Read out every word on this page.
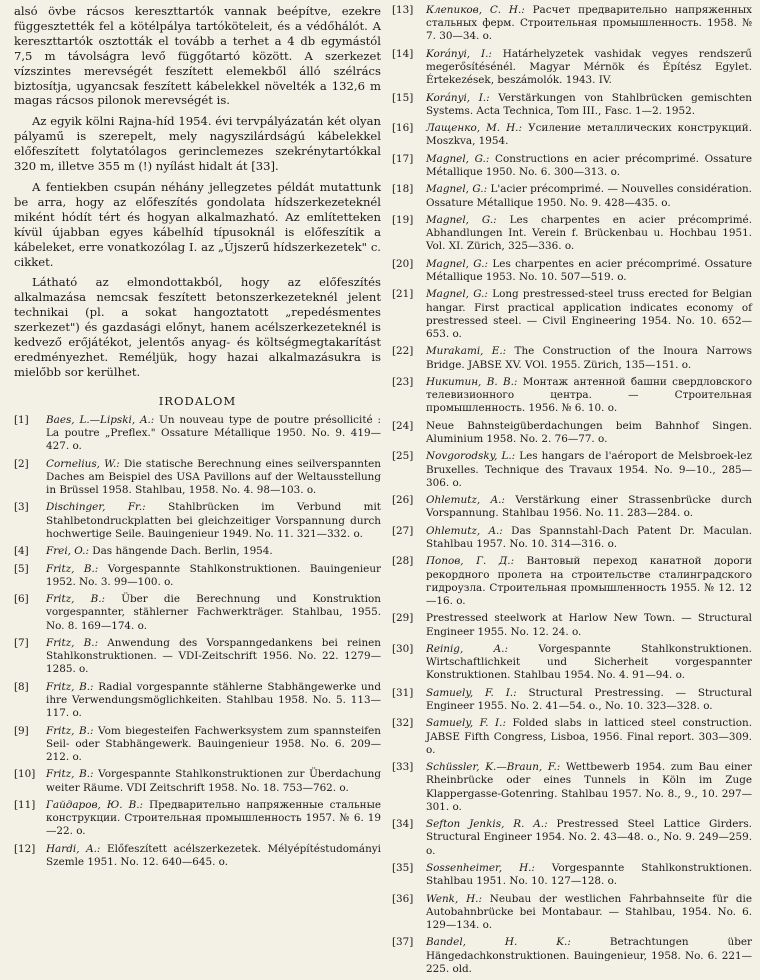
alsó övbe rácsos kereszttartók vannak beépítve, ezekre függesztették fel a kötélpálya tartóköteleit, és a védőhálót. A kereszttartók osztották el tovább a terhet a 4 db egymástól 7,5 m távolságra levő függőtartó között. A szerkezet vízszintes merevségét feszített elemekből álló szélrács biztosítja, ugyancsak feszített kábelekkel növelték a 132,6 m magas rácsos pilonok merevségét is.

Az egyik kölni Rajna-híd 1954. évi tervpályázatán két olyan pályamű is szerepelt, mely nagyszilárdságú kábelekkel előfeszített folytatólagos gerinclemezes szekrénytartókkal 320 m, illetve 355 m (!) nyílást hidalt át [33].

A fentiekben csupán néhány jellegzetes példát mutattunk be arra, hogy az előfeszítés gondolata hídszerkezeteknél miként hódít tért és hogyan alkalmazható. Az említetteken kívül újabban egyes kábelhíd típusoknál is előfeszítik a kábeleket, erre vonatkozólag I. az „Újszerű hídszerkezetek" c. cikket.

Látható az elmondottakból, hogy az előfeszítés alkalmazása nemcsak feszített betonszerkezeteknél jelent technikai (pl. a sokat hangoztatott „repedésmentes szerkezet") és gazdasági előnyt, hanem acélszerkezeteknél is kedvező erőjátékot, jelentős anyag- és költségmegtakarítást eredményezhet. Reméljük, hogy hazai alkalmazásukra is mielőbb sor kerülhet.

IRODALOM
[1]	Baes, L.—Lipski, A.: Un nouveau type de poutre présollicité : La poutre „Preflex." Ossature Métallique 1950. No. 9. 419—427. o.
[2]	Cornelius, W.: Die statische Berechnung eines seilverspannten Daches am Beispiel des USA Pavillons auf der Weltausstellung in Brüssel 1958. Stahlbau, 1958. No. 4. 98—103. o.
[3]	Dischinger, Fr.: Stahlbrücken im Verbund mit Stahlbetondruckplatten bei gleichzeitiger Vorspannung durch hochwertige Seile. Bauingenieur 1949. No. 11. 321—332. o.
[4]	Frei, O.: Das hängende Dach. Berlin, 1954.
[5]	Fritz, B.: Vorgespannte Stahlkonstruktionen. Bauingenieur 1952. No. 3. 99—100. o.
[6]	Fritz, B.: Über die Berechnung und Konstruktion vorgespannter, stählerner Fachwerkträger. Stahlbau, 1955. No. 8. 169—174. o.
[7]	Fritz, B.: Anwendung des Vorspanngedankens bei reinen Stahlkonstruktionen. — VDI-Zeitschrift 1956. No. 22. 1279—1285. o.
[8]	Fritz, B.: Radial vorgespannte stählerne Stabhängewerke und ihre Verwendungsmöglichkeiten. Stahlbau 1958. No. 5. 113—117. o.
[9]	Fritz, B.: Vom biegesteifen Fachwerksystem zum spannsteifen Seil- oder Stabhängewerk. Bauingenieur 1958. No. 6. 209—212. o.
[10]	Fritz, B.: Vorgespannte Stahlkonstruktionen zur Überdachung weiter Räume. VDI Zeitschrift 1958. No. 18. 753—762. o.
[11]	Гайдаров, Ю. В.: Предварительно напряженные стальные конструкции. Строительная промышленность 1957. № 6. 19—22. o.
[12]	Hardi, A.: Előfeszített acélszerkezetek. Mélyépítéstudományi Szemle 1951. No. 12. 640—645. o.
[13]	Клепиков, С. Н.: Расчет предварительно напряженных стальных ферм. Строительная промышленность. 1958. № 7. 30—34. o.
[14]	Korányi, I.: Határhelyzetek vashidak vegyes rendszerű megerősítésénél. Magyar Mérnök és Építész Egylet. Értekezések, beszámolók. 1943. IV.
[15]	Korányi, I.: Verstärkungen von Stahlbrücken gemischten Systems. Acta Technica, Tom III., Fasc. 1—2. 1952.
[16]	Лащенко, М. Н.: Усиление металлических конструкций. Moszkva, 1954.
[17]	Magnel, G.: Constructions en acier précomprimé. Ossature Métallique 1950. No. 6. 300—313. o.
[18]	Magnel, G.: L'acier précomprimé. — Nouvelles considération. Ossature Métallique 1950. No. 9. 428—435. o.
[19]	Magnel, G.: Les charpentes en acier précomprimé. Abhandlungen Int. Verein f. Brückenbau u. Hochbau 1951. Vol. XI. Zürich, 325—336. o.
[20]	Magnel, G.: Les charpentes en acier précomprimé. Ossature Métallique 1953. No. 10. 507—519. o.
[21]	Magnel, G.: Long prestressed-steel truss erected for Belgian hangar. First practical application indicates economy of prestressed steel. — Civil Engineering 1954. No. 10. 652—653. o.
[22]	Murakami, E.: The Construction of the Inoura Narrows Bridge. JABSE XV. VOl. 1955. Zürich, 135—151. o.
[23]	Никитин, В. В.: Монтаж антенной башни свердловского телевизионного центра. — Строительная промышленность. 1956. № 6. 10. o.
[24]	Neue Bahnsteigüberdachungen beim Bahnhof Singen. Aluminium 1958. No. 2. 76—77. o.
[25]	Novgorodsky, L.: Les hangars de l'aéroport de Melsbroek-lez Bruxelles. Technique des Travaux 1954. No. 9—10., 285—306. o.
[26]	Ohlemutz, A.: Verstärkung einer Strassenbrücke durch Vorspannung. Stahlbau 1956. No. 11. 283—284. o.
[27]	Ohlemutz, A.: Das Spannstahl-Dach Patent Dr. Maculan. Stahlbau 1957. No. 10. 314—316. o.
[28]	Попов, Г. Д.: Вантовый переход канатной дороги рекордного пролета на строительстве сталинградского гидроузла. Строительная промышленность 1955. № 12. 12—16. o.
[29]	Prestressed steelwork at Harlow New Town. — Structural Engineer 1955. No. 12. 24. o.
[30]	Reinig, A.:	Vorgespannte Stahlkonstruktionen. Wirtschaftlichkeit und Sicherheit vorgespannter Konstruktionen. Stahlbau 1954. No. 4. 91—94. o.
[31]	Samuely, F. I.: Structural Prestressing. — Structural Engineer 1955. No. 2. 41—54. o., No. 10. 323—328. o.
[32]	Samuely, F. I.: Folded slabs in latticed steel construction. JABSE Fifth Congress, Lisboa, 1956. Final report. 303—309. o.
[33]	Schüssler, K.—Braun, F.: Wettbewerb 1954. zum Bau einer Rheinbrücke oder eines Tunnels in Köln im Zuge Klappergasse-Gotenring. Stahlbau 1957. No. 8., 9., 10. 297—301. o.
[34]	Sefton Jenkis, R. A.: Prestressed Steel Lattice Girders. Structural Engineer 1954. No. 2. 43—48. o., No. 9. 249—259. o.
[35]	Sossenheimer, H.: Vorgespannte Stahlkonstruktionen. Stahlbau 1951. No. 10. 127—128. o.
[36]	Wenk, H.: Neubau der westlichen Fahrbahnseite für die Autobahnbrücke bei Montabaur. — Stahlbau, 1954. No. 6. 129—134. o.
[37]	Bandel, H. K.:	Betrachtungen über Hängedachkonstruktionen. Bauingenieur, 1958. No. 6. 221—225. old.
